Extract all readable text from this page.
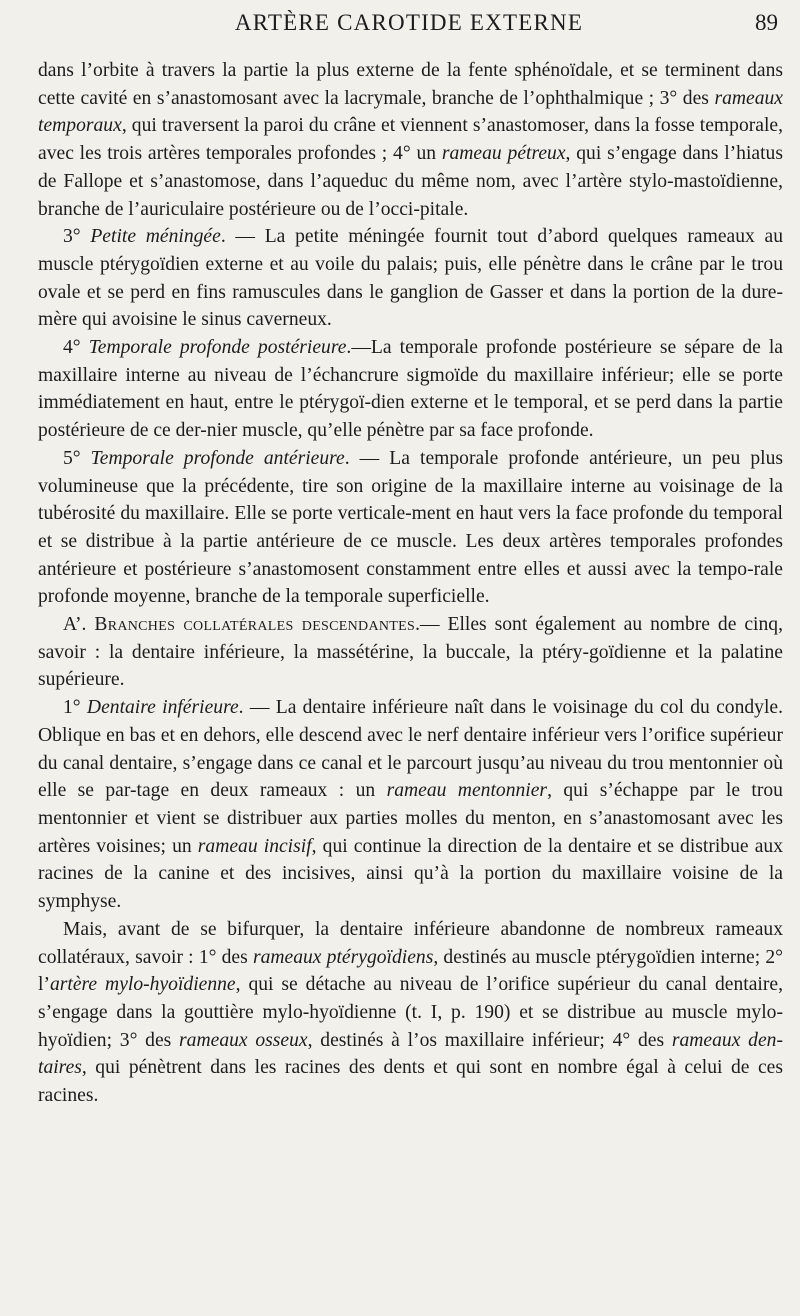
ARTÈRE CAROTIDE EXTERNE	89

dans l’orbite à travers la partie la plus externe de la fente sphénoïdale, et se terminent dans cette cavité en s’anastomosant avec la lacrymale, branche de l’ophthalmique ; 3° des rameaux temporaux, qui traversent la paroi du crâne et viennent s’anastomoser, dans la fosse temporale, avec les trois artères temporales profondes ; 4° un rameau pétreux, qui s’engage dans l’hiatus de Fallope et s’anastomose, dans l’aqueduc du même nom, avec l’artère stylo-mastoïdienne, branche de l’auriculaire postérieure ou de l’occi-pitale.

3° Petite méningée. — La petite méningée fournit tout d’abord quelques rameaux au muscle ptérygoïdien externe et au voile du palais; puis, elle pénètre dans le crâne par le trou ovale et se perd en fins ramuscules dans le ganglion de Gasser et dans la portion de la dure-mère qui avoisine le sinus caverneux.

4° Temporale profonde postérieure.—La temporale profonde postérieure se sépare de la maxillaire interne au niveau de l’échancrure sigmoïde du maxillaire inférieur; elle se porte immédiatement en haut, entre le ptérygoï-dien externe et le temporal, et se perd dans la partie postérieure de ce der-nier muscle, qu’elle pénètre par sa face profonde.

5° Temporale profonde antérieure. — La temporale profonde antérieure, un peu plus volumineuse que la précédente, tire son origine de la maxillaire interne au voisinage de la tubérosité du maxillaire. Elle se porte verticale-ment en haut vers la face profonde du temporal et se distribue à la partie antérieure de ce muscle. Les deux artères temporales profondes antérieure et postérieure s’anastomosent constamment entre elles et aussi avec la tempo-rale profonde moyenne, branche de la temporale superficielle.

A’. Branches collatérales descendantes.— Elles sont également au nombre de cinq, savoir : la dentaire inférieure, la massétérine, la buccale, la ptéry-goïdienne et la palatine supérieure.

1° Dentaire inférieure. — La dentaire inférieure naît dans le voisinage du col du condyle. Oblique en bas et en dehors, elle descend avec le nerf dentaire inférieur vers l’orifice supérieur du canal dentaire, s’engage dans ce canal et le parcourt jusqu’au niveau du trou mentonnier où elle se par-tage en deux rameaux : un rameau mentonnier, qui s’échappe par le trou mentonnier et vient se distribuer aux parties molles du menton, en s’anastomosant avec les artères voisines; un rameau incisif, qui continue la direction de la dentaire et se distribue aux racines de la canine et des incisives, ainsi qu’à la portion du maxillaire voisine de la symphyse.

Mais, avant de se bifurquer, la dentaire inférieure abandonne de nombreux rameaux collatéraux, savoir : 1° des rameaux ptérygoïdiens, destinés au muscle ptérygoïdien interne; 2° l’artère mylo-hyoïdienne, qui se détache au niveau de l’orifice supérieur du canal dentaire, s’engage dans la gouttière mylo-hyoïdienne (t. I, p. 190) et se distribue au muscle mylo-hyoïdien; 3° des rameaux osseux, destinés à l’os maxillaire inférieur; 4° des rameaux den-taires, qui pénètrent dans les racines des dents et qui sont en nombre égal à celui de ces racines.
